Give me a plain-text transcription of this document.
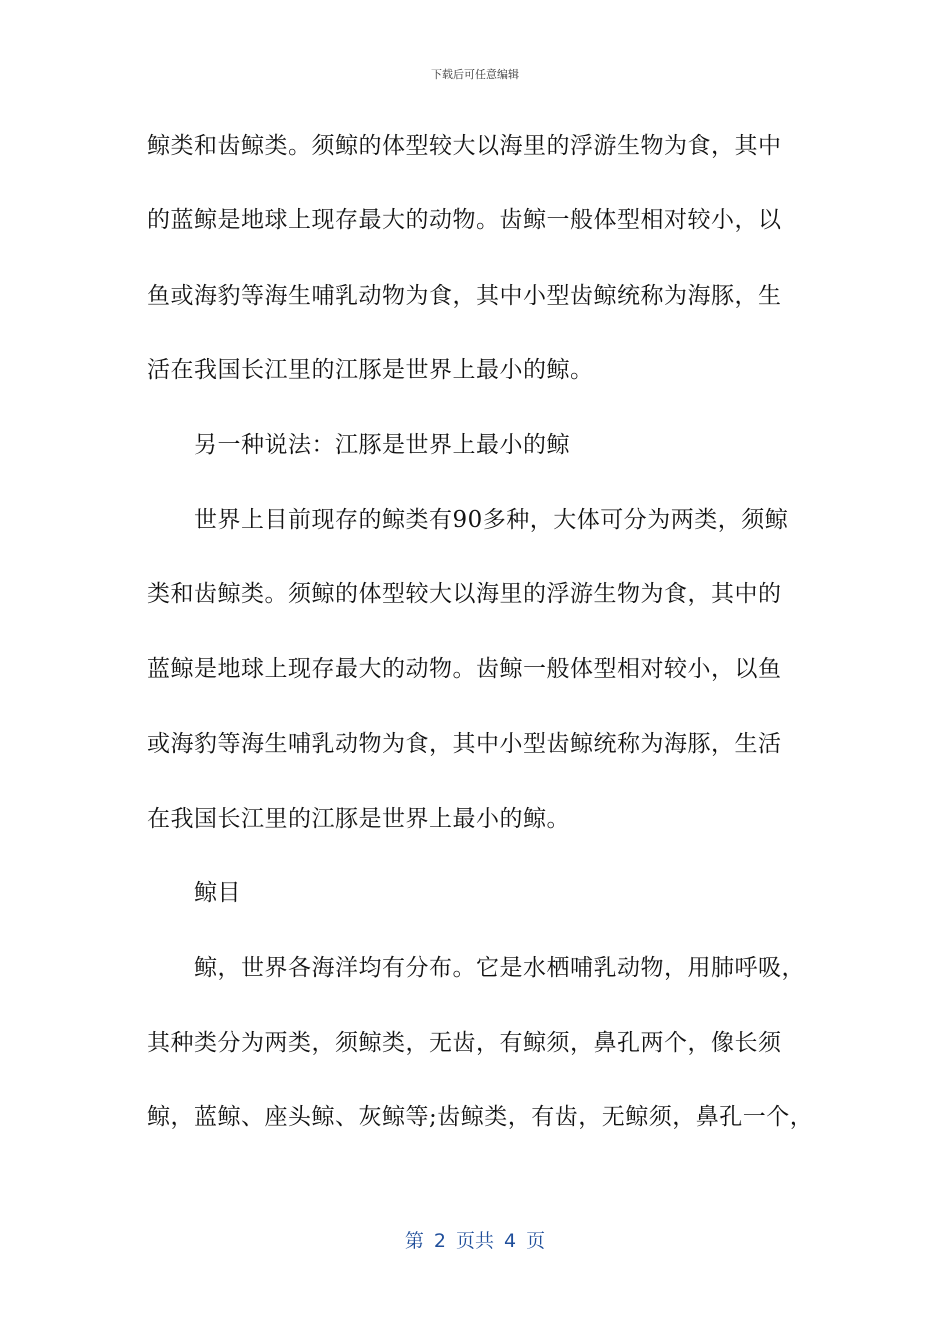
下载后可任意编辑
鲸类和齿鲸类。须鲸的体型较大以海里的浮游生物为食，其中
的蓝鲸是地球上现存最大的动物。齿鲸一般体型相对较小，以
鱼或海豹等海生哺乳动物为食，其中小型齿鲸统称为海豚，生
活在我国长江里的江豚是世界上最小的鲸。
另一种说法：江豚是世界上最小的鲸
世界上目前现存的鲸类有90多种，大体可分为两类，须鲸
类和齿鲸类。须鲸的体型较大以海里的浮游生物为食，其中的
蓝鲸是地球上现存最大的动物。齿鲸一般体型相对较小，以鱼
或海豹等海生哺乳动物为食，其中小型齿鲸统称为海豚，生活
在我国长江里的江豚是世界上最小的鲸。
鲸目
鲸，世界各海洋均有分布。它是水栖哺乳动物，用肺呼吸，
其种类分为两类，须鲸类，无齿，有鲸须，鼻孔两个，像长须
鲸，蓝鲸、座头鲸、灰鲸等;齿鲸类，有齿，无鲸须，鼻孔一个，
第 2 页共 4 页
